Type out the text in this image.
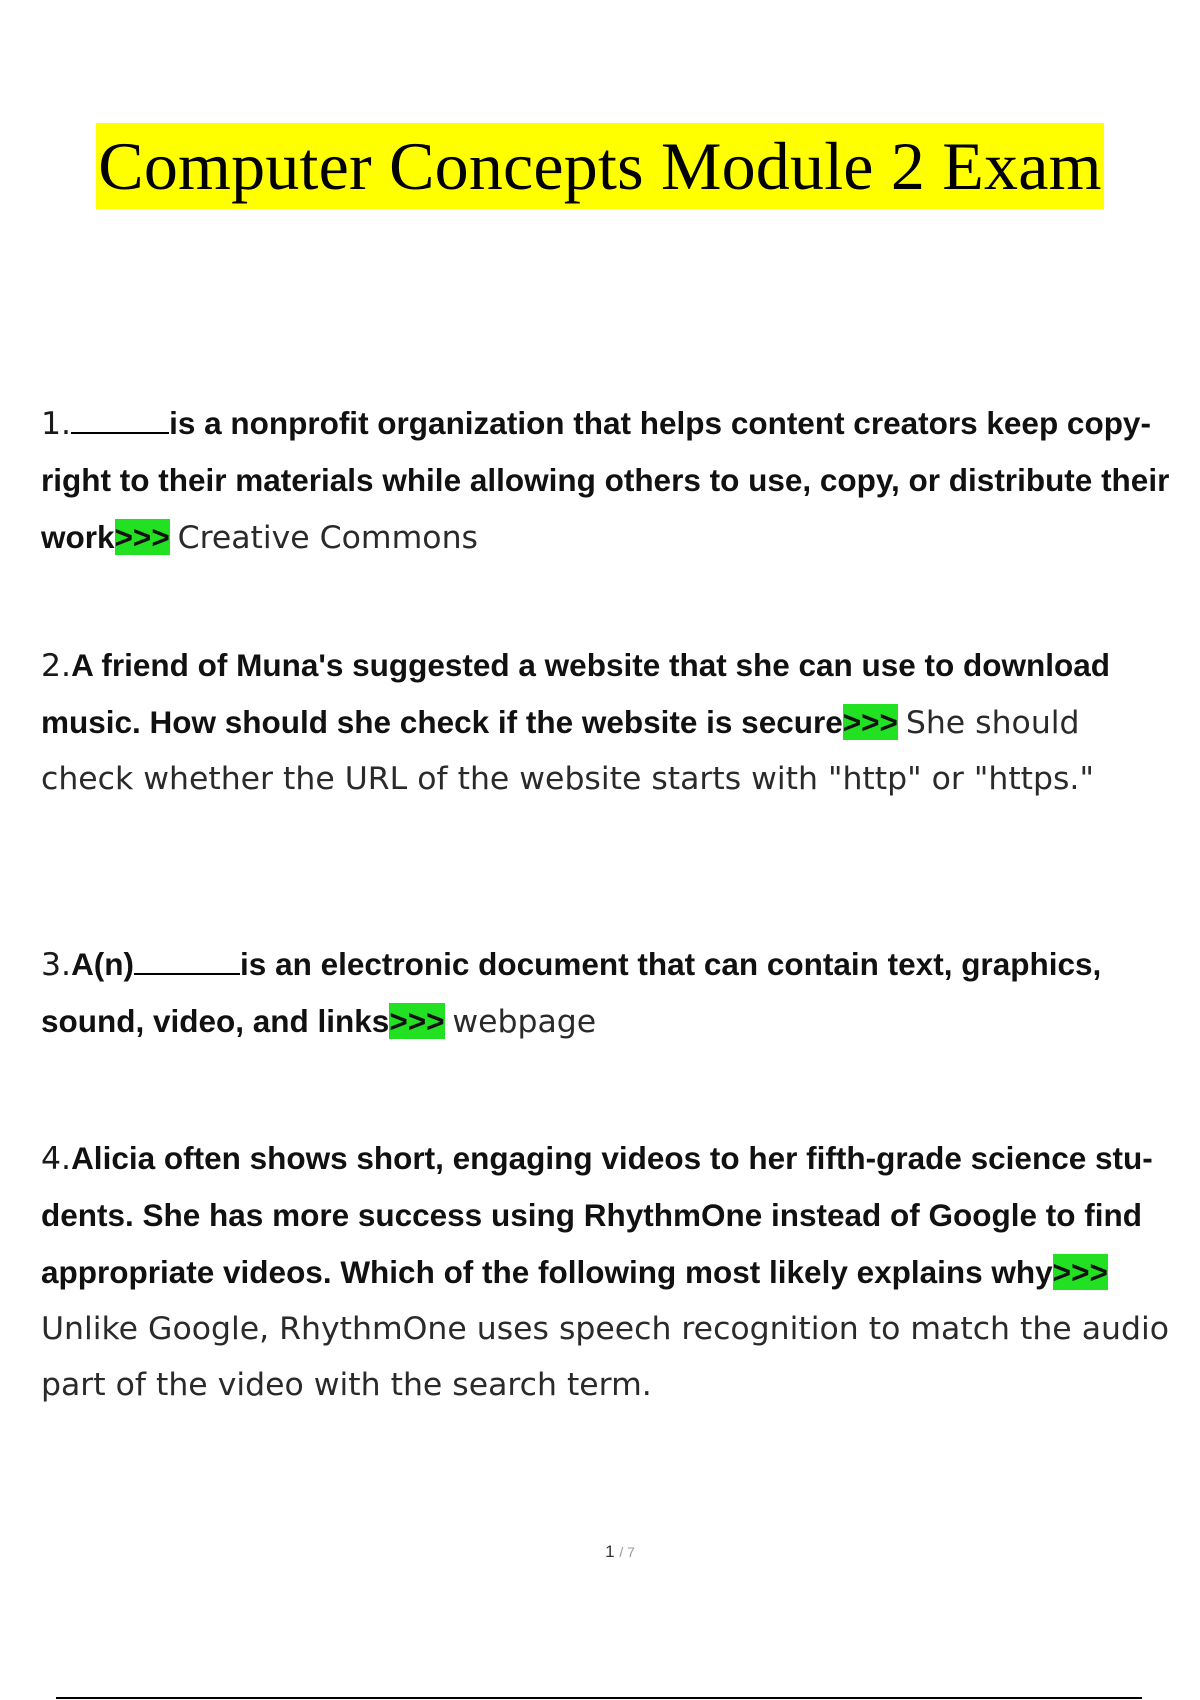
Computer Concepts Module 2 Exam
1.	is a nonprofit organization that helps content creators keep copy-right to their materials while allowing others to use, copy, or distribute their work>>> Creative Commons
2.A friend of Muna's suggested a website that she can use to download music. How should she check if the website is secure>>> She should check whether the URL of the website starts with "http" or "https."
3.A(n)	is an electronic document that can contain text, graphics, sound, video, and links>>> webpage
4.Alicia often shows short, engaging videos to her fifth-grade science stu-dents. She has more success using RhythmOne instead of Google to find appropriate videos. Which of the following most likely explains why>>>
Unlike Google, RhythmOne uses speech recognition to match the audio part of the video with the search term.
1 / 7
